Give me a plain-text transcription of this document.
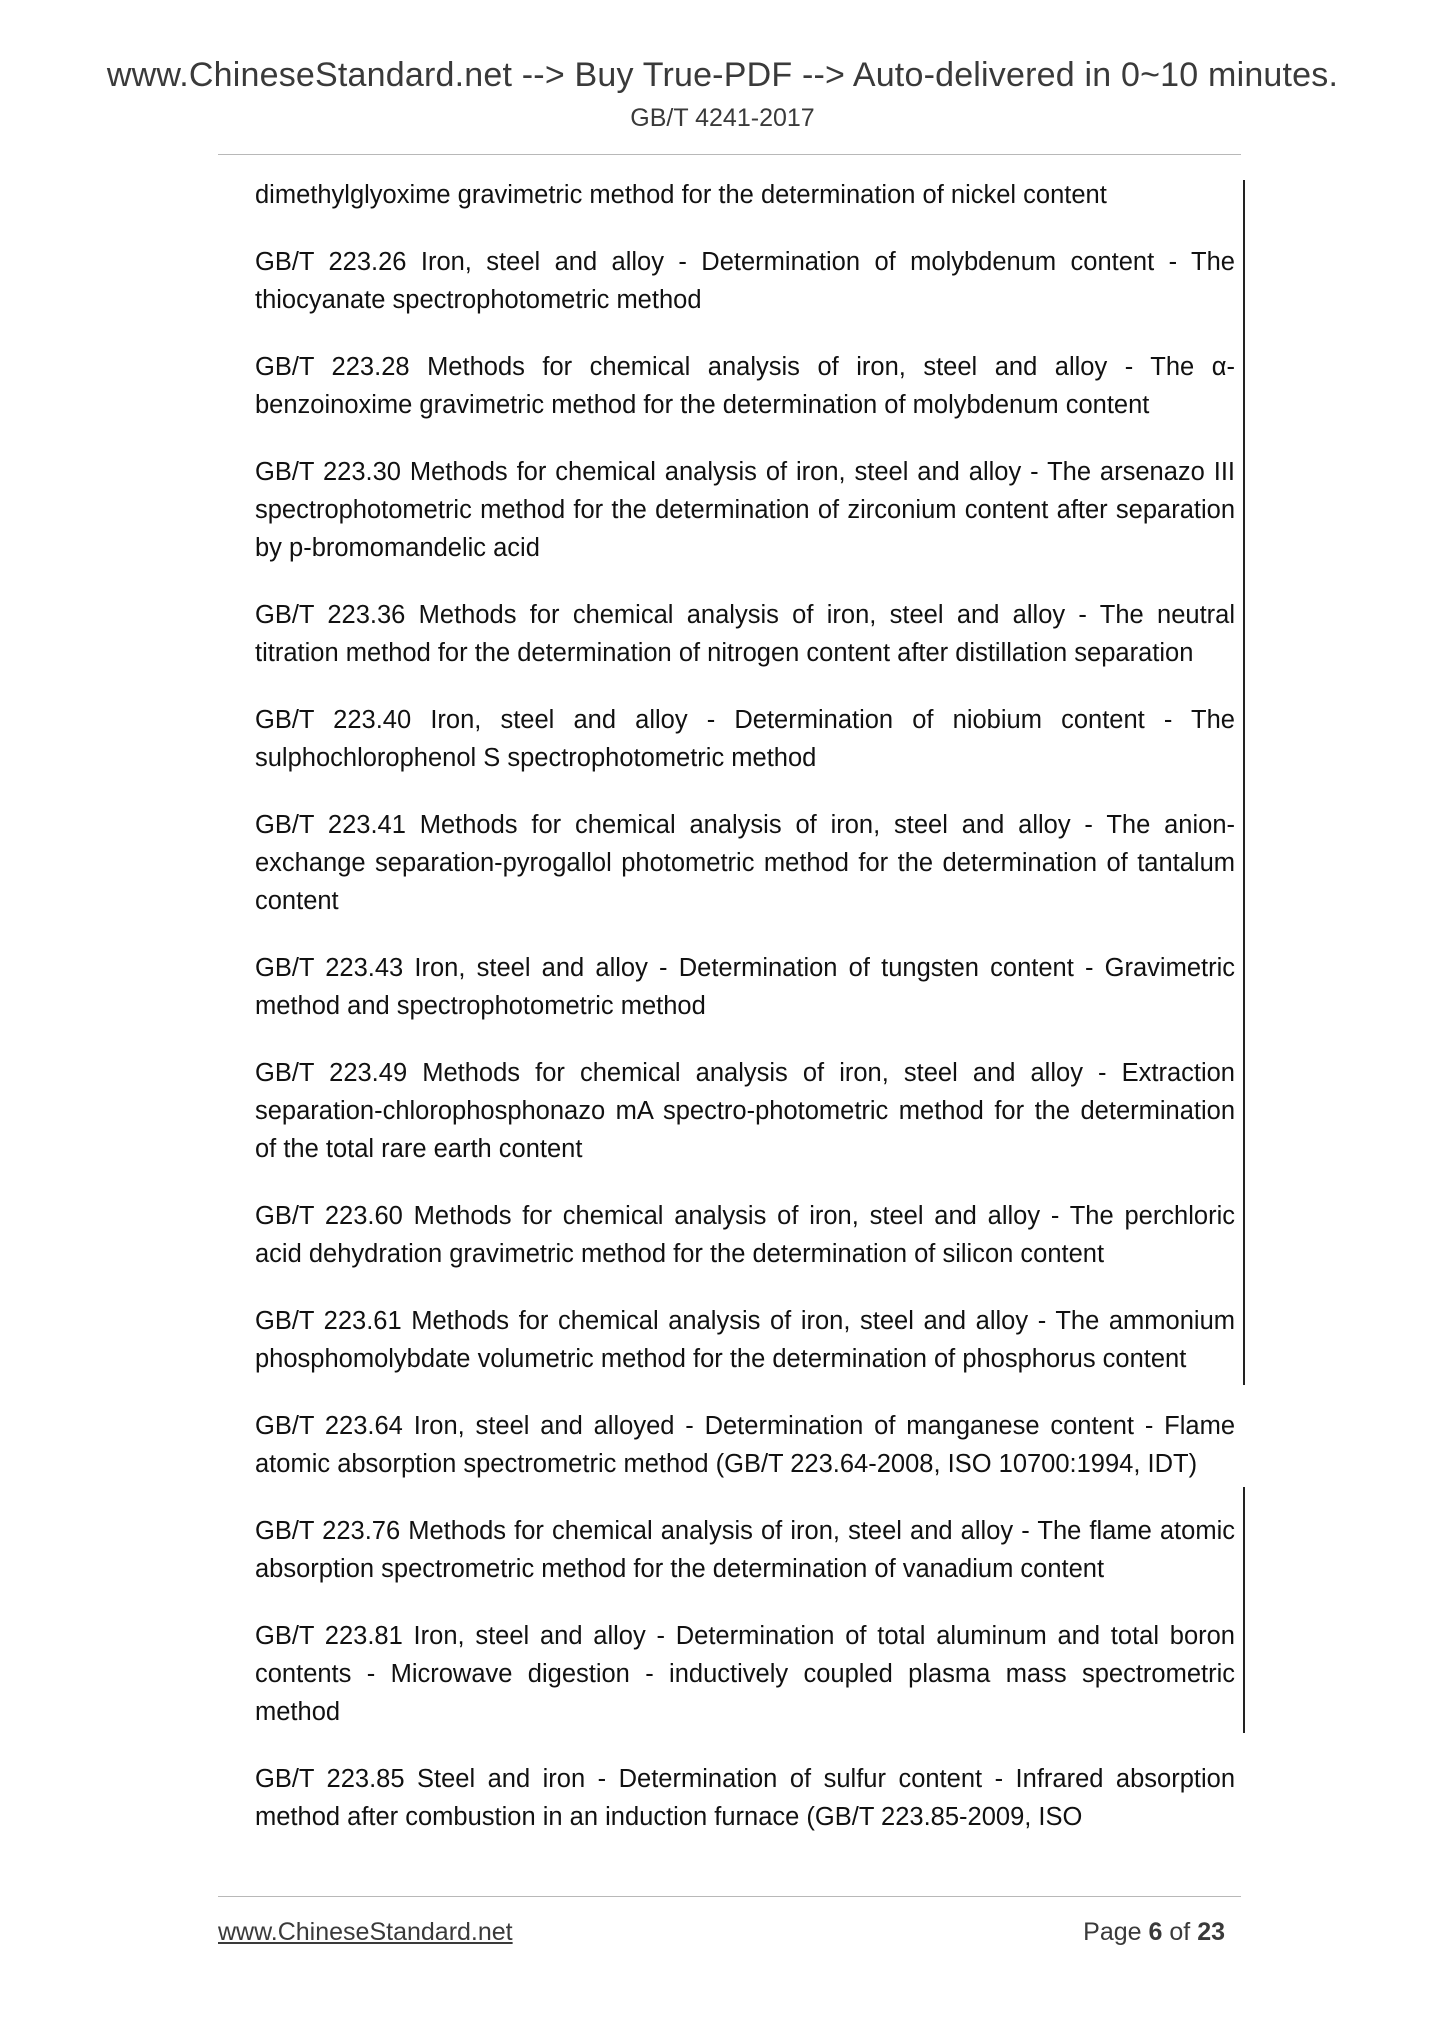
www.ChineseStandard.net --> Buy True-PDF --> Auto-delivered in 0~10 minutes.
GB/T 4241-2017

dimethylglyoxime gravimetric method for the determination of nickel content

GB/T 223.26 Iron, steel and alloy - Determination of molybdenum content - The thiocyanate spectrophotometric method

GB/T 223.28 Methods for chemical analysis of iron, steel and alloy - The α-benzoinoxime gravimetric method for the determination of molybdenum content

GB/T 223.30 Methods for chemical analysis of iron, steel and alloy - The arsenazo III spectrophotometric method for the determination of zirconium content after separation by p-bromomandelic acid

GB/T 223.36 Methods for chemical analysis of iron, steel and alloy - The neutral titration method for the determination of nitrogen content after distillation separation

GB/T 223.40 Iron, steel and alloy - Determination of niobium content - The sulphochlorophenol S spectrophotometric method

GB/T 223.41 Methods for chemical analysis of iron, steel and alloy - The anion-exchange separation-pyrogallol photometric method for the determination of tantalum content

GB/T 223.43 Iron, steel and alloy - Determination of tungsten content - Gravimetric method and spectrophotometric method

GB/T 223.49 Methods for chemical analysis of iron, steel and alloy - Extraction separation-chlorophosphonazo mA spectro-photometric method for the determination of the total rare earth content

GB/T 223.60 Methods for chemical analysis of iron, steel and alloy - The perchloric acid dehydration gravimetric method for the determination of silicon content

GB/T 223.61 Methods for chemical analysis of iron, steel and alloy - The ammonium phosphomolybdate volumetric method for the determination of phosphorus content

GB/T 223.64 Iron, steel and alloyed - Determination of manganese content - Flame atomic absorption spectrometric method (GB/T 223.64-2008, ISO 10700:1994, IDT)

GB/T 223.76 Methods for chemical analysis of iron, steel and alloy - The flame atomic absorption spectrometric method for the determination of vanadium content

GB/T 223.81 Iron, steel and alloy - Determination of total aluminum and total boron contents - Microwave digestion - inductively coupled plasma mass spectrometric method

GB/T 223.85 Steel and iron - Determination of sulfur content - Infrared absorption method after combustion in an induction furnace (GB/T 223.85-2009, ISO

www.ChineseStandard.net	Page 6 of 23
